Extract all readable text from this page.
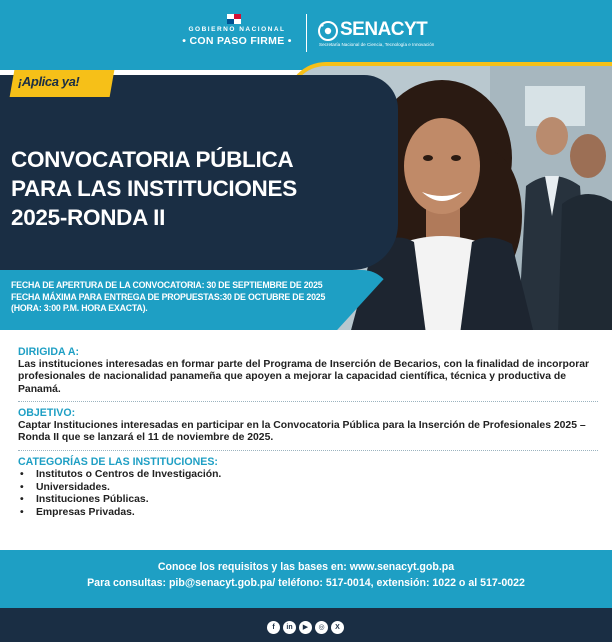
GOBIERNO NACIONAL
• CON PASO FIRME •
SENACYT
Secretaría Nacional de Ciencia, Tecnología e Innovación
¡Aplica ya!
CONVOCATORIA PÚBLICA
PARA LAS INSTITUCIONES
2025-RONDA II
FECHA DE APERTURA DE LA CONVOCATORIA: 30 DE SEPTIEMBRE DE 2025
FECHA MÁXIMA PARA ENTREGA DE PROPUESTAS:30 DE OCTUBRE DE 2025
(HORA: 3:00 P.M. HORA EXACTA).
DIRIGIDA A:
Las instituciones interesadas en formar parte del Programa de Inserción de Becarios, con la finalidad de incorporar profesionales de nacionalidad panameña que apoyen a mejorar la capacidad científica, técnica y productiva de Panamá.
OBJETIVO:
Captar Instituciones interesadas en participar en la Convocatoria Pública para la Inserción de Profesionales 2025 – Ronda II que se lanzará el 11 de noviembre de 2025.
CATEGORÍAS DE LAS INSTITUCIONES:
• Institutos o Centros de Investigación.
• Universidades.
• Instituciones Públicas.
• Empresas Privadas.
Conoce los requisitos y las bases en: www.senacyt.gob.pa
Para consultas: pib@senacyt.gob.pa/ teléfono: 517-0014, extensión: 1022 o al 517-0022
f	in	▶	◎	X
